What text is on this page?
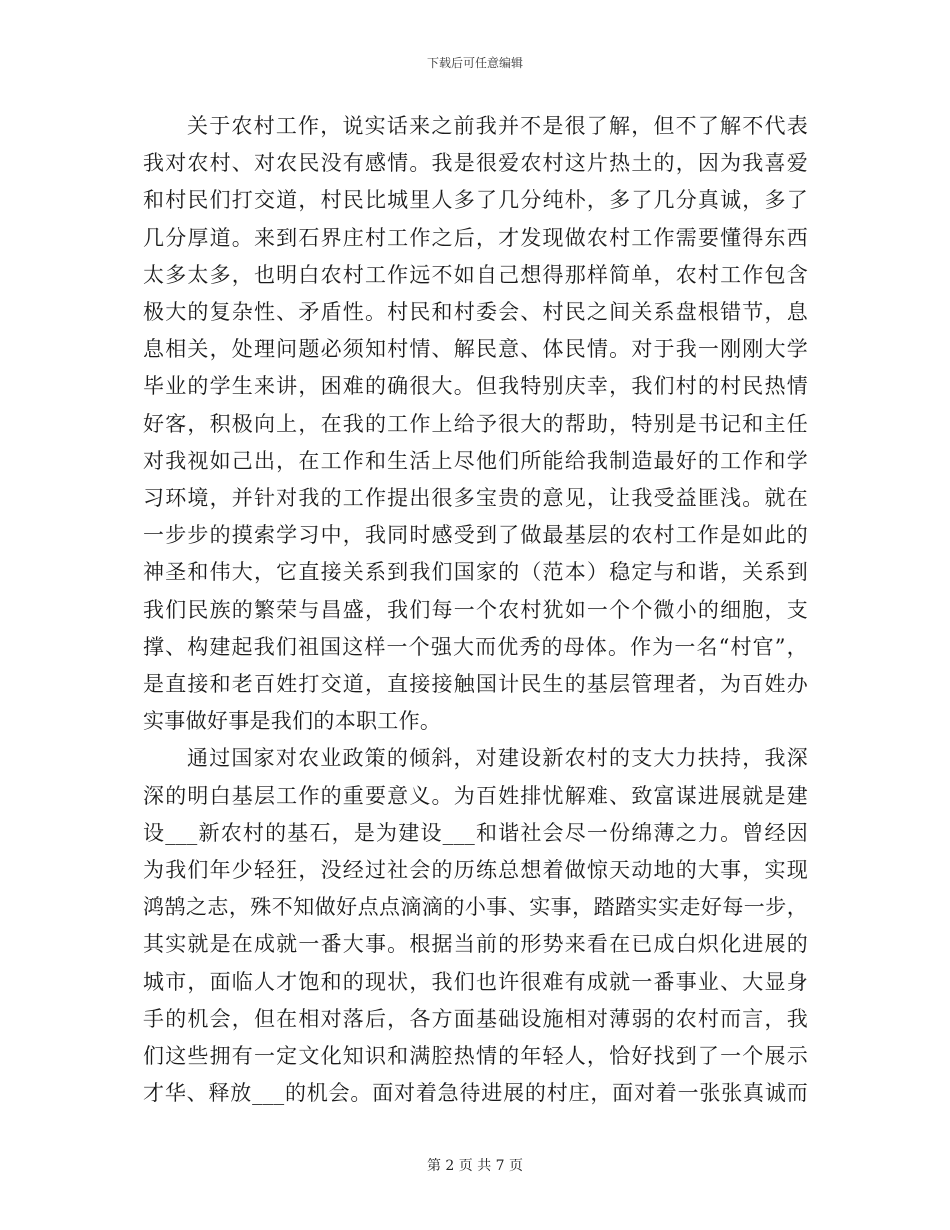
下载后可任意编辑
关于农村工作，说实话来之前我并不是很了解，但不了解不代表
我对农村、对农民没有感情。我是很爱农村这片热土的，因为我喜爱
和村民们打交道，村民比城里人多了几分纯朴，多了几分真诚，多了
几分厚道。来到石界庄村工作之后，才发现做农村工作需要懂得东西
太多太多，也明白农村工作远不如自己想得那样简单，农村工作包含
极大的复杂性、矛盾性。村民和村委会、村民之间关系盘根错节，息
息相关，处理问题必须知村情、解民意、体民情。对于我一刚刚大学
毕业的学生来讲，困难的确很大。但我特别庆幸，我们村的村民热情
好客，积极向上，在我的工作上给予很大的帮助，特别是书记和主任
对我视如己出，在工作和生活上尽他们所能给我制造最好的工作和学
习环境，并针对我的工作提出很多宝贵的意见，让我受益匪浅。就在
一步步的摸索学习中，我同时感受到了做最基层的农村工作是如此的
神圣和伟大，它直接关系到我们国家的（范本）稳定与和谐，关系到
我们民族的繁荣与昌盛，我们每一个农村犹如一个个微小的细胞，支
撑、构建起我们祖国这样一个强大而优秀的母体。作为一名“村官”，
是直接和老百姓打交道，直接接触国计民生的基层管理者，为百姓办
实事做好事是我们的本职工作。
通过国家对农业政策的倾斜，对建设新农村的支大力扶持，我深
深的明白基层工作的重要意义。为百姓排忧解难、致富谋进展就是建
设___新农村的基石，是为建设___和谐社会尽一份绵薄之力。曾经因
为我们年少轻狂，没经过社会的历练总想着做惊天动地的大事，实现
鸿鹄之志，殊不知做好点点滴滴的小事、实事，踏踏实实走好每一步，
其实就是在成就一番大事。根据当前的形势来看在已成白炽化进展的
城市，面临人才饱和的现状，我们也许很难有成就一番事业、大显身
手的机会，但在相对落后，各方面基础设施相对薄弱的农村而言，我
们这些拥有一定文化知识和满腔热情的年轻人，恰好找到了一个展示
才华、释放___的机会。面对着急待进展的村庄，面对着一张张真诚而
第 2 页 共 7 页
